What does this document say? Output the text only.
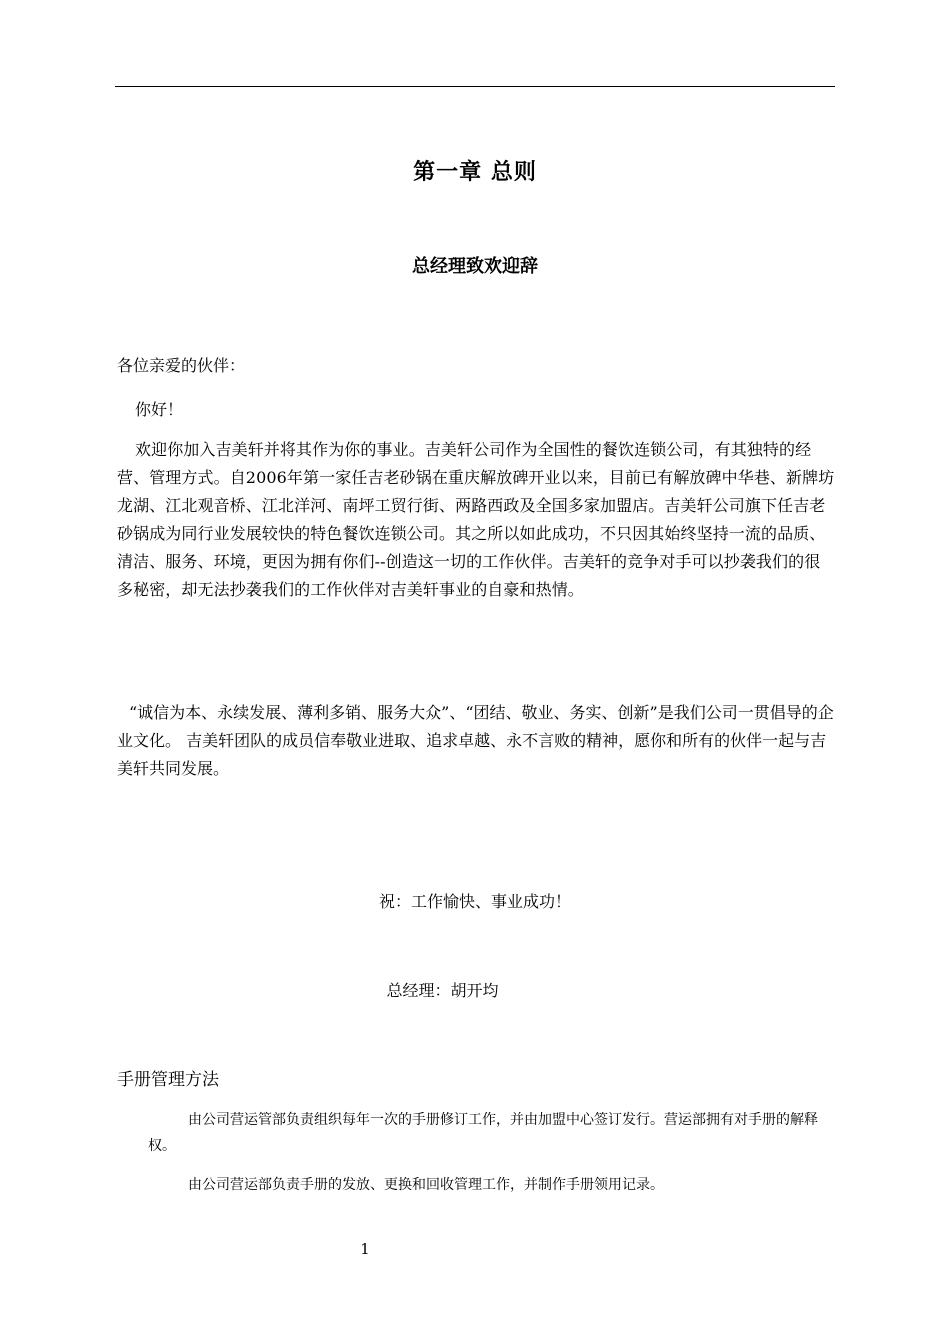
第一章 总则
总经理致欢迎辞
各位亲爱的伙伴：
你好！
欢迎你加入吉美轩并将其作为你的事业。吉美轩公司作为全国性的餐饮连锁公司，有其独特的经营、管理方式。自2006年第一家任吉老砂锅在重庆解放碑开业以来，目前已有解放碑中华巷、新牌坊龙湖、江北观音桥、江北洋河、南坪工贸行街、两路西政及全国多家加盟店。吉美轩公司旗下任吉老砂锅成为同行业发展较快的特色餐饮连锁公司。其之所以如此成功，不只因其始终坚持一流的品质、清洁、服务、环境，更因为拥有你们--创造这一切的工作伙伴。吉美轩的竞争对手可以抄袭我们的很多秘密，却无法抄袭我们的工作伙伴对吉美轩事业的自豪和热情。
“诚信为本、永续发展、薄利多销、服务大众”、“团结、敬业、务实、创新”是我们公司一贯倡导的企业文化。 吉美轩团队的成员信奉敬业进取、追求卓越、永不言败的精神，愿你和所有的伙伴一起与吉美轩共同发展。
祝：工作愉快、事业成功！
总经理：胡开均
手册管理方法
由公司营运管部负责组织每年一次的手册修订工作，并由加盟中心签订发行。营运部拥有对手册的解释权。
由公司营运部负责手册的发放、更换和回收管理工作，并制作手册领用记录。
1
